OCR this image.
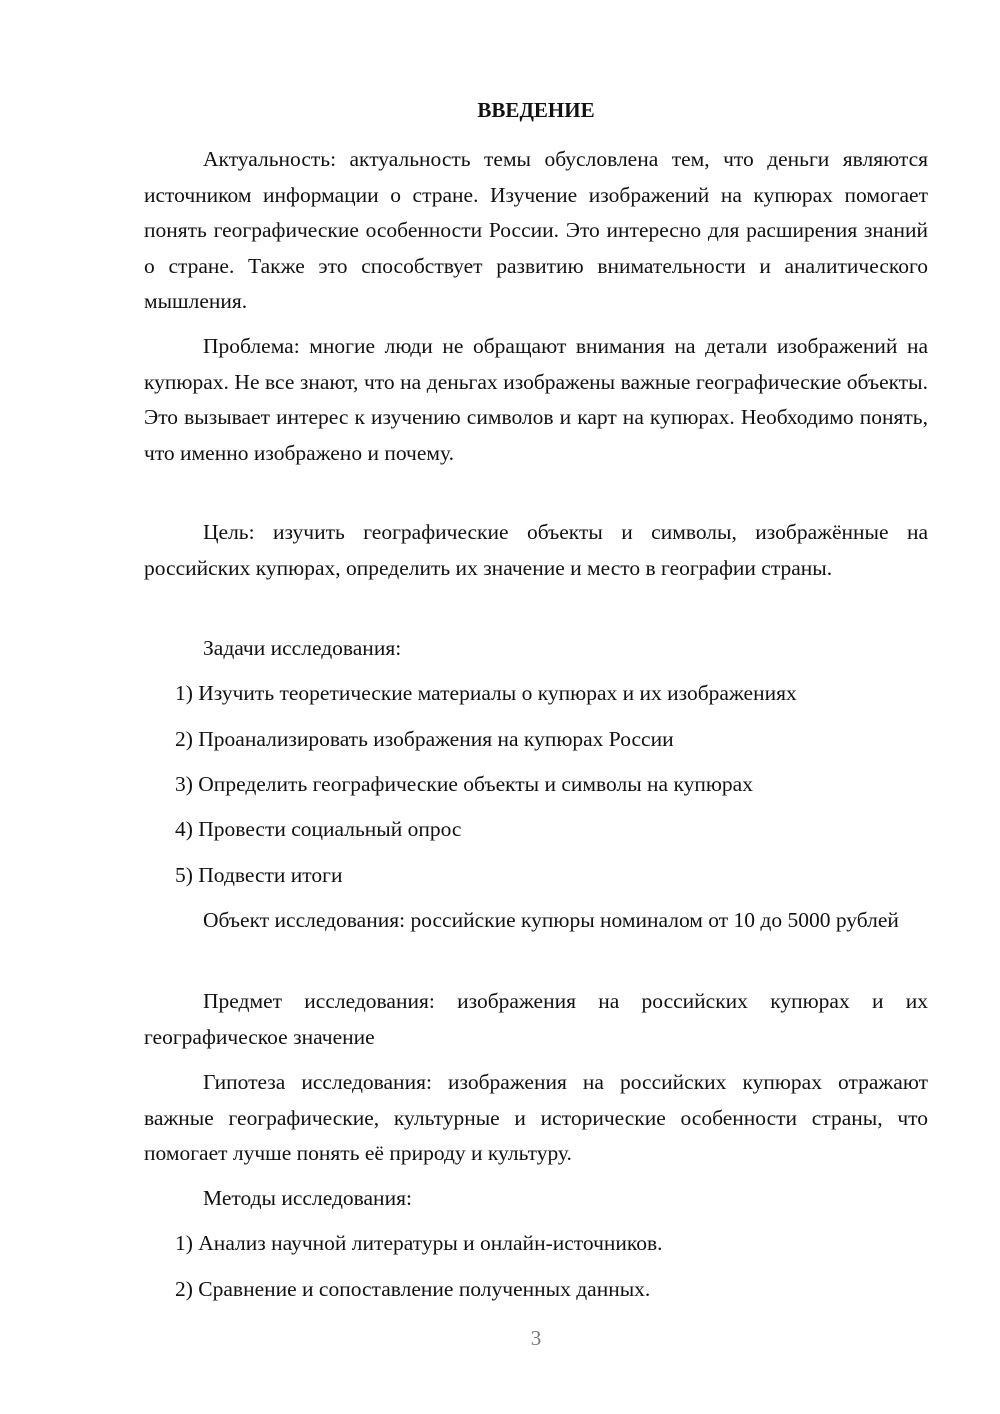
ВВЕДЕНИЕ
Актуальность: актуальность темы обусловлена тем, что деньги являются источником информации о стране. Изучение изображений на купюрах помогает понять географические особенности России. Это интересно для расширения знаний о стране. Также это способствует развитию внимательности и аналитического мышления.
Проблема: многие люди не обращают внимания на детали изображений на купюрах. Не все знают, что на деньгах изображены важные географические объекты. Это вызывает интерес к изучению символов и карт на купюрах. Необходимо понять, что именно изображено и почему.
Цель: изучить географические объекты и символы, изображённые на российских купюрах, определить их значение и место в географии страны.
Задачи исследования:
1) Изучить теоретические материалы о купюрах и их изображениях
2) Проанализировать изображения на купюрах России
3) Определить географические объекты и символы на купюрах
4) Провести социальный опрос
5) Подвести итоги
Объект исследования: российские купюры номиналом от 10 до 5000 рублей
Предмет исследования: изображения на российских купюрах и их географическое значение
Гипотеза исследования: изображения на российских купюрах отражают важные географические, культурные и исторические особенности страны, что помогает лучше понять её природу и культуру.
Методы исследования:
1) Анализ научной литературы и онлайн-источников.
2) Сравнение и сопоставление полученных данных.
3
